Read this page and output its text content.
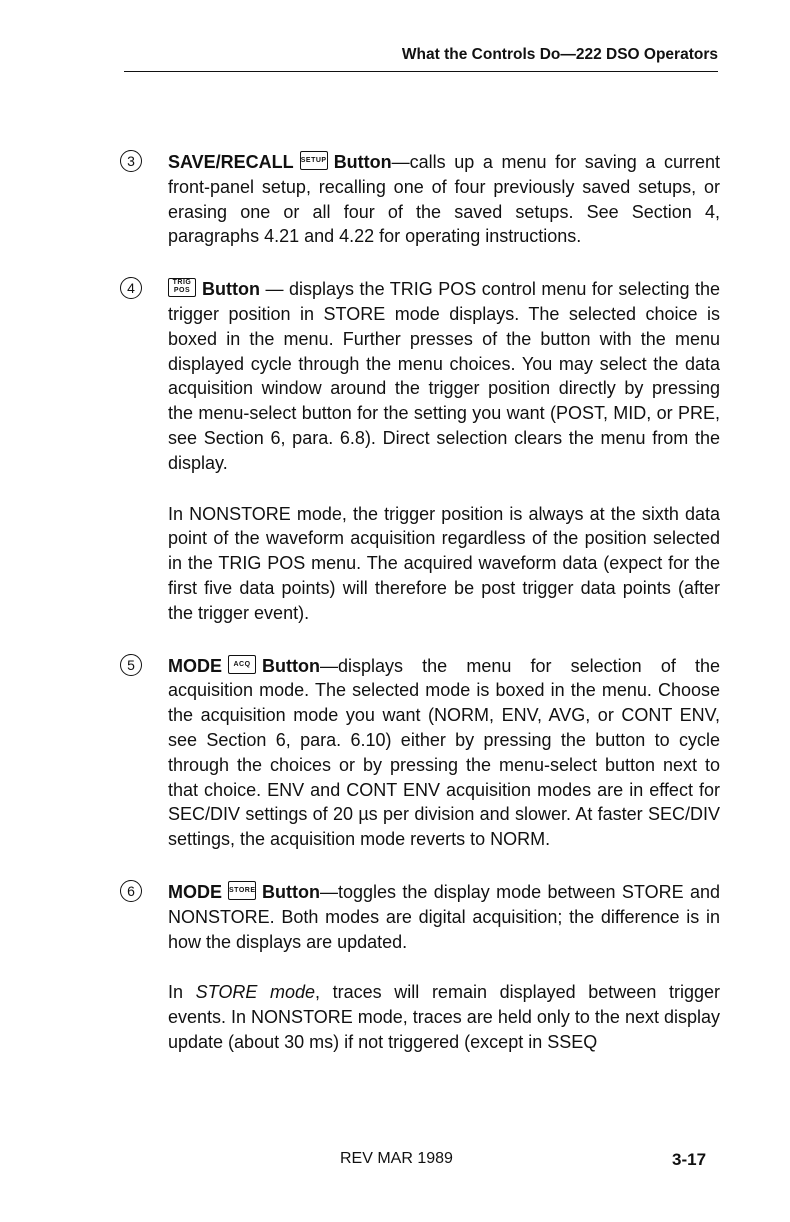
What the Controls Do—222 DSO Operators
3	SAVE/RECALL SETUP Button—calls up a menu for saving a current front-panel setup, recalling one of four previously saved setups, or erasing one or all four of the saved setups. See Section 4, paragraphs 4.21 and 4.22 for operating instructions.

4	TRIG
POS Button — displays the TRIG POS control menu for selecting the trigger position in STORE mode displays. The selected choice is boxed in the menu. Further presses of the button with the menu displayed cycle through the menu choices. You may select the data acquisition window around the trigger position directly by pressing the menu-select button for the setting you want (POST, MID, or PRE, see Section 6, para. 6.8). Direct selection clears the menu from the display.

In NONSTORE mode, the trigger position is always at the sixth data point of the waveform acquisition regardless of the position selected in the TRIG POS menu. The acquired waveform data (expect for the first five data points) will therefore be post trigger data points (after the trigger event).

5	MODE ACQ Button—displays the menu for selection of the acquisition mode. The selected mode is boxed in the menu. Choose the acquisition mode you want (NORM, ENV, AVG, or CONT ENV, see Section 6, para. 6.10) either by pressing the button to cycle through the choices or by pressing the menu-select button next to that choice. ENV and CONT ENV acquisition modes are in effect for SEC/DIV settings of 20 µs per division and slower. At faster SEC/DIV settings, the acquisition mode reverts to NORM.

6	MODE STORE Button—toggles the display mode between STORE and NONSTORE. Both modes are digital acquisition; the difference is in how the displays are updated.

In STORE mode, traces will remain displayed between trigger events. In NONSTORE mode, traces are held only to the next display update (about 30 ms) if not triggered (except in SSEQ

REV MAR 1989	3-17
